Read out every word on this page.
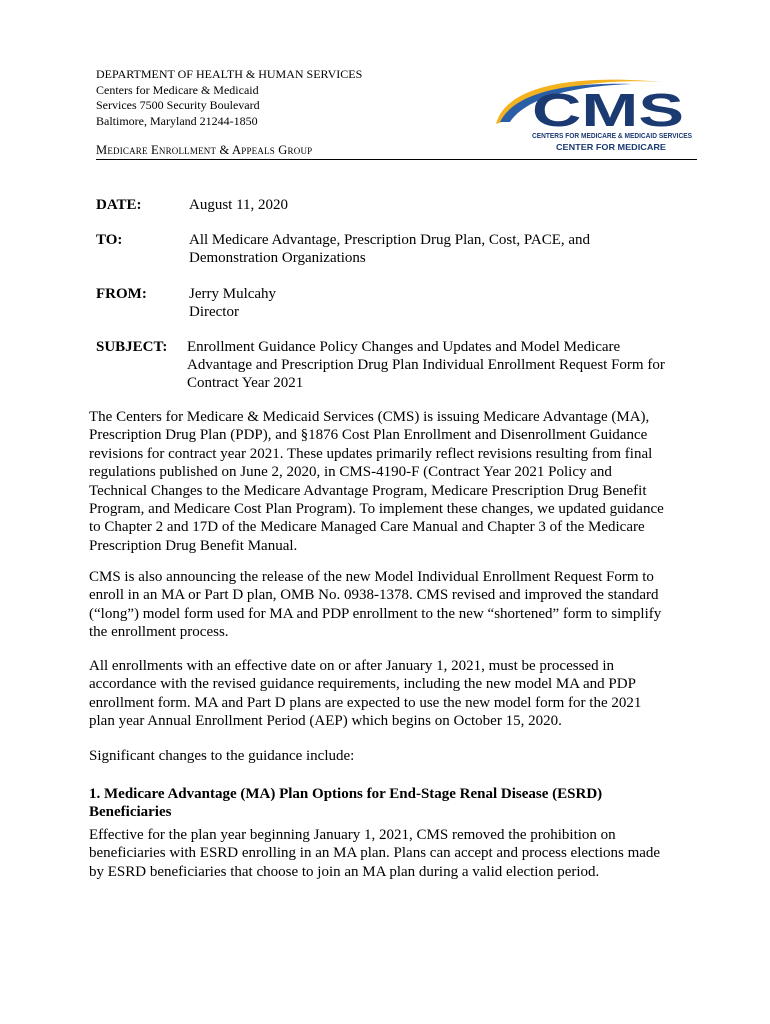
DEPARTMENT OF HEALTH & HUMAN SERVICES
Centers for Medicare & Medicaid
Services 7500 Security Boulevard
Baltimore, Maryland 21244-1850	CMS
CENTERS FOR MEDICARE & MEDICAID SERVICES
CENTER FOR MEDICARE
Medicare Enrollment & Appeals Group
DATE:	August 11, 2020
TO:	All Medicare Advantage, Prescription Drug Plan, Cost, PACE, and
Demonstration Organizations
FROM:	Jerry Mulcahy
Director
SUBJECT: Enrollment Guidance Policy Changes and Updates and Model Medicare
Advantage and Prescription Drug Plan Individual Enrollment Request Form for
Contract Year 2021
The Centers for Medicare & Medicaid Services (CMS) is issuing Medicare Advantage (MA),
Prescription Drug Plan (PDP), and §1876 Cost Plan Enrollment and Disenrollment Guidance
revisions for contract year 2021. These updates primarily reflect revisions resulting from final
regulations published on June 2, 2020, in CMS-4190-F (Contract Year 2021 Policy and
Technical Changes to the Medicare Advantage Program, Medicare Prescription Drug Benefit
Program, and Medicare Cost Plan Program). To implement these changes, we updated guidance
to Chapter 2 and 17D of the Medicare Managed Care Manual and Chapter 3 of the Medicare
Prescription Drug Benefit Manual.
CMS is also announcing the release of the new Model Individual Enrollment Request Form to
enroll in an MA or Part D plan, OMB No. 0938-1378. CMS revised and improved the standard
(“long”) model form used for MA and PDP enrollment to the new “shortened” form to simplify
the enrollment process.
All enrollments with an effective date on or after January 1, 2021, must be processed in
accordance with the revised guidance requirements, including the new model MA and PDP
enrollment form. MA and Part D plans are expected to use the new model form for the 2021
plan year Annual Enrollment Period (AEP) which begins on October 15, 2020.
Significant changes to the guidance include:
1. Medicare Advantage (MA) Plan Options for End-Stage Renal Disease (ESRD)
Beneficiaries
Effective for the plan year beginning January 1, 2021, CMS removed the prohibition on
beneficiaries with ESRD enrolling in an MA plan. Plans can accept and process elections made
by ESRD beneficiaries that choose to join an MA plan during a valid election period.
